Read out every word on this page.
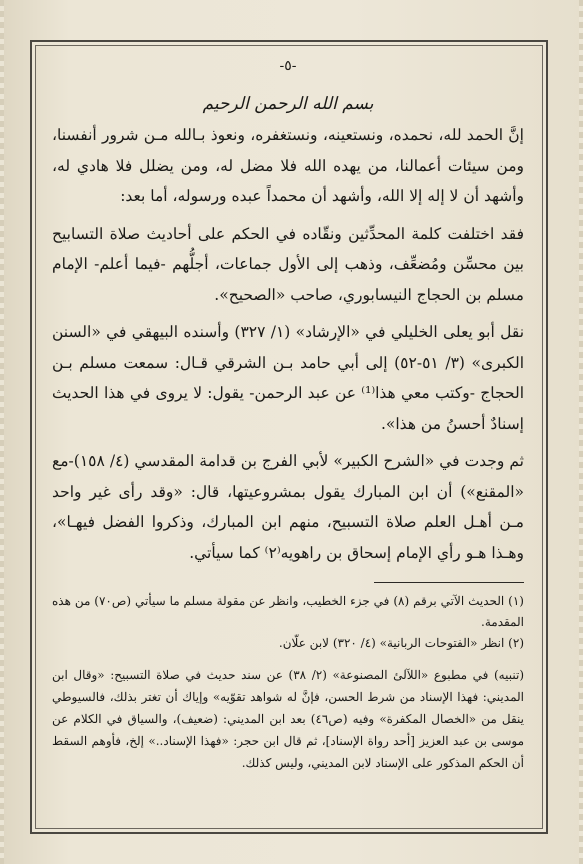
-٥-
بسم الله الرحمن الرحيم

إنَّ الحمد لله، نحمده، ونستعينه، ونستغفره، ونعوذ بـالله مـن شرور أنفسنا، ومن سيئات أعمالنا، من يهده الله فلا مضل له، ومن يضلل فلا هادي له، وأشهد أن لا إله إلا الله، وأشهد أن محمداً عبده ورسوله، أما بعد:

فقد اختلفت كلمة المحدِّثين ونقّاده في الحكم على أحاديث صلاة التسابيح بين محسِّن ومُضعِّف، وذهب إلى الأول جماعات، أجلُّهم -فيما أعلم- الإمام مسلم بن الحجاج النيسابوري، صاحب «الصحيح».

نقل أبو يعلى الخليلي في «الإرشاد» (١/ ٣٢٧) وأسنده البيهقي في «السنن الكبرى» (٣/ ٥١-٥٢) إلى أبي حامد بـن الشرقي قـال: سمعت مسلم بـن الحجاج -وكتب معي هذا⁽¹⁾ عن عبد الرحمن- يقول: لا يروى في هذا الحديث إسنادٌ أحسنُ من هذا».

ثم وجدت في «الشرح الكبير» لأبي الفرج بن قدامة المقدسي (٤/ ١٥٨)-مع «المقنع») أن ابن المبارك يقول بمشروعيتها، قال: «وقد رأى غير واحد مـن أهـل العلم صلاة التسبيح، منهم ابن المبارك، وذكروا الفضل فيهـا»، وهـذا هـو رأي الإمام إسحاق بن راهويه⁽٢⁾ كما سيأتي.

(١) الحديث الآتي برقم (٨) في جزء الخطيب، وانظر عن مقولة مسلم ما سيأتي (ص٧٠) من هذه المقدمة.

(٢) انظر «الفتوحات الربانية» (٤/ ٣٢٠) لابن علّان.

(تنبيه) في مطبوع «اللآلئ المصنوعة» (٢/ ٣٨) عن سند حديث في صلاة التسبيح: «وقال ابن المديني: فهذا الإسناد من شرط الحسن، فإنَّ له شواهد تقوّيه» وإياك أن تغتر بذلك، فالسيوطي ينقل من «الخصال المكفرة» وفيه (ص٤٦) بعد ابن المديني: (ضعيف)، والسياق في الكلام عن موسى بن عبد العزيز [أحد رواة الإسناد]، ثم قال ابن حجر: «فهذا الإسناد..» إلخ، فأوهم السقط أن الحكم المذكور على الإسناد لابن المديني، وليس كذلك.
